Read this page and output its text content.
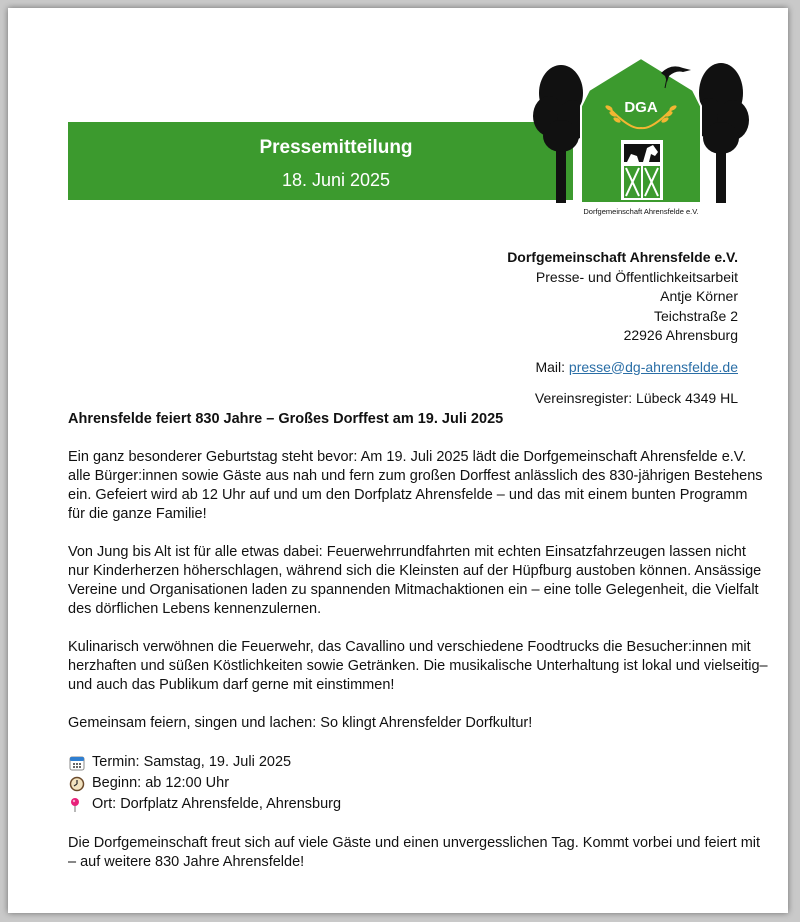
Pressemitteilung
18. Juni 2025
DGA
Dorfgemeinschaft Ahrensfelde e.V.
Dorfgemeinschaft Ahrensfelde e.V.
Presse- und Öffentlichkeitsarbeit
Antje Körner
Teichstraße 2
22926 Ahrensburg
Mail: presse@dg-ahrensfelde.de
Vereinsregister: Lübeck 4349 HL
Ahrensfelde feiert 830 Jahre – Großes Dorffest am 19. Juli 2025

Ein ganz besonderer Geburtstag steht bevor: Am 19. Juli 2025 lädt die Dorfgemeinschaft Ahrensfelde e.V. alle Bürger:innen sowie Gäste aus nah und fern zum großen Dorffest anlässlich des 830-jährigen Bestehens ein. Gefeiert wird ab 12 Uhr auf und um den Dorfplatz Ahrensfelde – und das mit einem bunten Programm für die ganze Familie!

Von Jung bis Alt ist für alle etwas dabei: Feuerwehrrundfahrten mit echten Einsatzfahrzeugen lassen nicht nur Kinderherzen höherschlagen, während sich die Kleinsten auf der Hüpfburg austoben können. Ansässige Vereine und Organisationen laden zu spannenden Mitmachaktionen ein – eine tolle Gelegenheit, die Vielfalt des dörflichen Lebens kennenzulernen.

Kulinarisch verwöhnen die Feuerwehr, das Cavallino und verschiedene Foodtrucks die Besucher:innen mit herzhaften und süßen Köstlichkeiten sowie Getränken. Die musikalische Unterhaltung ist lokal und vielseitig– und auch das Publikum darf gerne mit einstimmen!

Gemeinsam feiern, singen und lachen: So klingt Ahrensfelder Dorfkultur!

Termin: Samstag, 19. Juli 2025
Beginn: ab 12:00 Uhr
Ort: Dorfplatz Ahrensfelde, Ahrensburg

Die Dorfgemeinschaft freut sich auf viele Gäste und einen unvergesslichen Tag. Kommt vorbei und feiert mit – auf weitere 830 Jahre Ahrensfelde!
